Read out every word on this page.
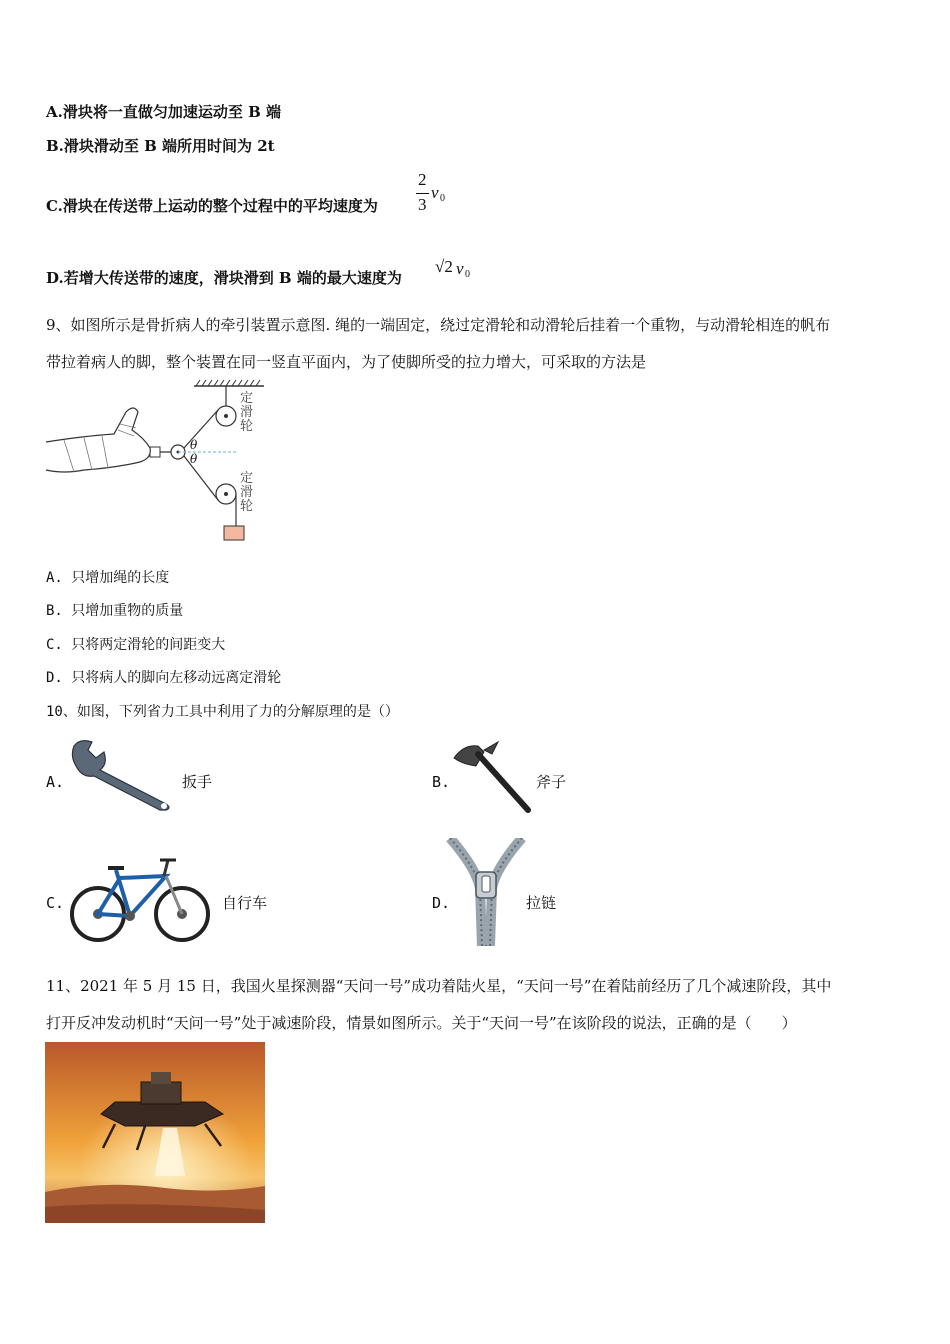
A.滑块将一直做匀加速运动至 B 端
B.滑块滑动至 B 端所用时间为 2t
C.滑块在传送带上运动的整个过程中的平均速度为
2
3
v 0
D.若增大传送带的速度，滑块滑到 B 端的最大速度为
√2 v 0
9、如图所示是骨折病人的牵引装置示意图. 绳的一端固定，绕过定滑轮和动滑轮后挂着一个重物，与动滑轮相连的帆布
带拉着病人的脚，整个装置在同一竖直平面内，为了使脚所受的拉力增大，可采取的方法是
定滑轮
定滑轮
θ
θ
A. 只增加绳的长度
B. 只增加重物的质量
C. 只将两定滑轮的间距变大
D. 只将病人的脚向左移动远离定滑轮
10、如图，下列省力工具中利用了力的分解原理的是（）
A.	扳手	B.	斧子
C.	自行车	D.	拉链
11、2021 年 5 月 15 日，我国火星探测器“天问一号”成功着陆火星，“天问一号”在着陆前经历了几个减速阶段，其中
打开反冲发动机时“天问一号”处于减速阶段，情景如图所示。关于“天问一号”在该阶段的说法，正确的是（　　）
